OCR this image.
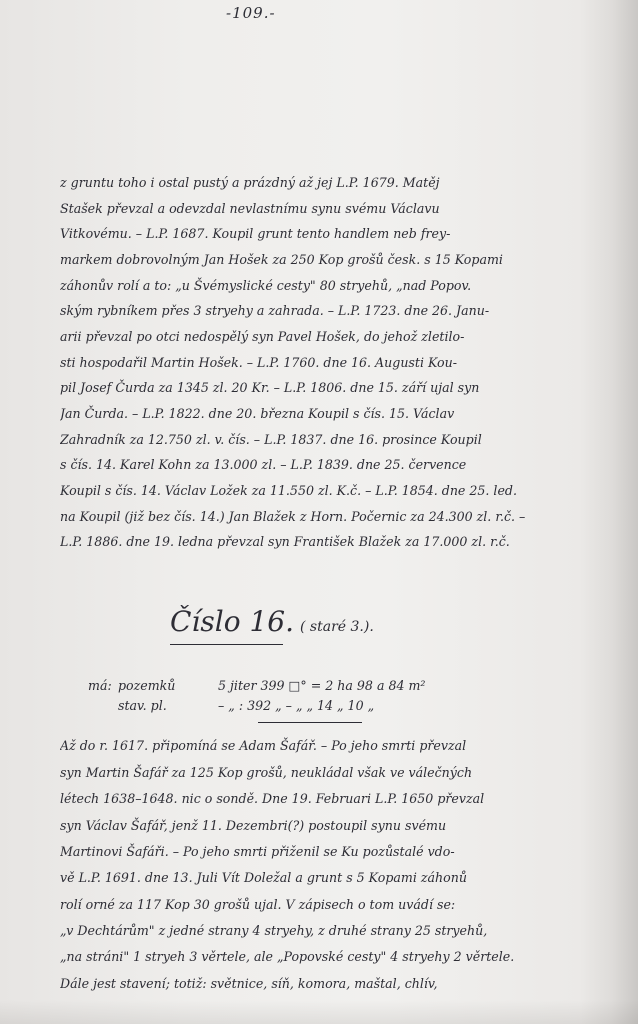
-109.-
z gruntu toho i ostal pustý a prázdný až jej L.P. 1679. Matěj
Stašek převzal a odevzdal nevlastnímu synu svému Václavu
Vitkovému. – L.P. 1687. Koupil grunt tento handlem neb frey-
markem dobrovolným Jan Hošek za 250 Kop grošů česk. s 15 Kopami
záhonův rolí a to: „u Švémyslické cesty" 80 stryehů, „nad Popov.
ským rybníkem přes 3 stryehy a zahrada. – L.P. 1723. dne 26. Janu-
arii převzal po otci nedospělý syn Pavel Hošek, do jehož zletilo-
sti hospodařil Martin Hošek. – L.P. 1760. dne 16. Augusti Kou-
pil Josef Čurda za 1345 zl. 20 Kr. – L.P. 1806. dne 15. září ujal syn
Jan Čurda. – L.P. 1822. dne 20. března Koupil s čís. 15. Václav
Zahradník za 12.750 zl. v. čís. – L.P. 1837. dne 16. prosince Koupil
s čís. 14. Karel Kohn za 13.000 zl. – L.P. 1839. dne 25. července
Koupil s čís. 14. Václav Ložek za 11.550 zl. K.č. – L.P. 1854. dne 25. led.
na Koupil (již bez čís. 14.) Jan Blažek z Horn. Počernic za 24.300 zl. r.č. –
L.P. 1886. dne 19. ledna převzal syn František Blažek za 17.000 zl. r.č.
Číslo 16. ( staré 3.).
má: pozemků	5 jiter 399 □° = 2 ha 98 a 84 m²
stav. pl.	– „ : 392 „ – „ „ 14 „ 10 „
Až do r. 1617. připomíná se Adam Šafář. – Po jeho smrti převzal
syn Martin Šafář za 125 Kop grošů, neukládal však ve válečných
létech 1638–1648. nic o sondě. Dne 19. Februari L.P. 1650 převzal
syn Václav Šafář, jenž 11. Dezembri(?) postoupil synu svému
Martinovi Šafáři. – Po jeho smrti přiženil se Ku pozůstalé vdo-
vě L.P. 1691. dne 13. Juli Vít Doležal a grunt s 5 Kopami záhonů
rolí orné za 117 Kop 30 grošů ujal. V zápisech o tom uvádí se:
„v Dechtárům" z jedné strany 4 stryehy, z druhé strany 25 stryehů,
„na stráni" 1 stryeh 3 věrtele, ale „Popovské cesty" 4 stryehy 2 věrtele.
Dále jest stavení; totiž: světnice, síň, komora, maštal, chlív,
